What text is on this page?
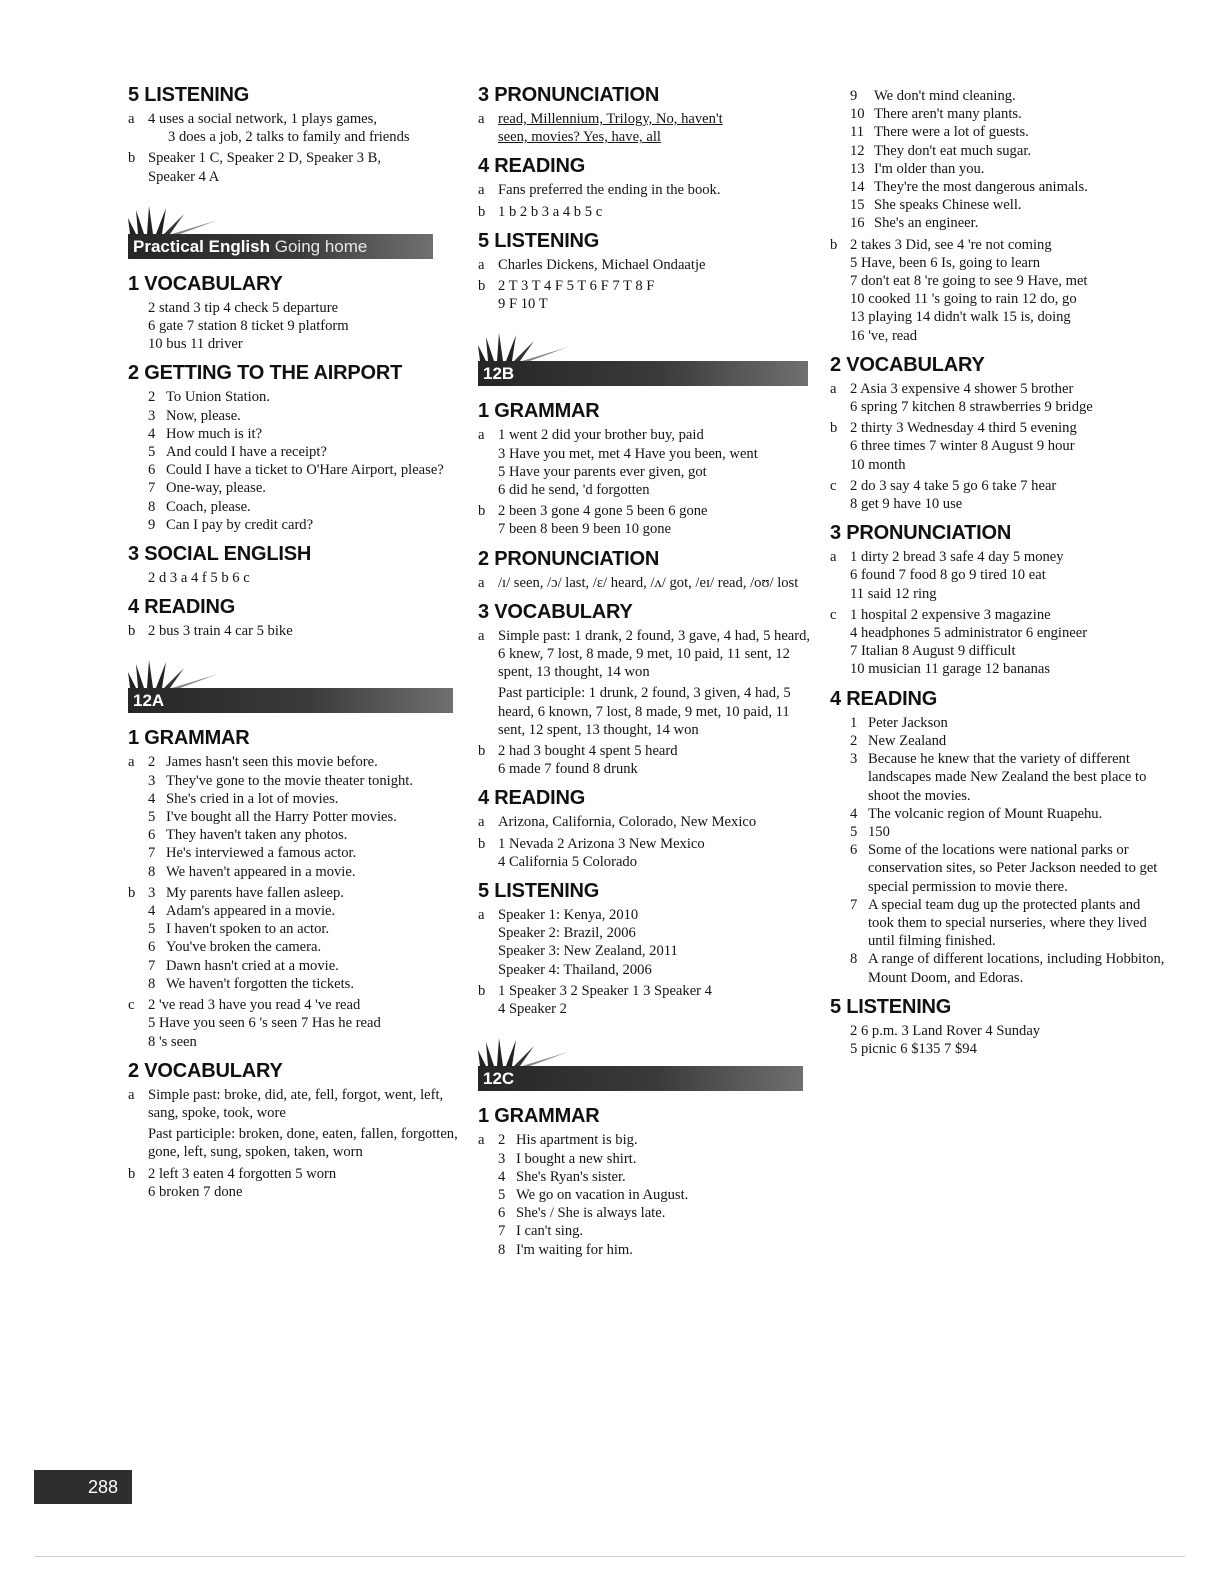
5 LISTENING
a 4 uses a social network, 1 plays games,
3 does a job, 2 talks to family and friends
b Speaker 1 C, Speaker 2 D, Speaker 3 B,
Speaker 4 A
Practical English Going home
1 VOCABULARY
2 stand 3 tip 4 check 5 departure
6 gate 7 station 8 ticket 9 platform
10 bus 11 driver
2 GETTING TO THE AIRPORT
2 To Union Station.
3 Now, please.
4 How much is it?
5 And could I have a receipt?
6 Could I have a ticket to O'Hare Airport, please?
7 One-way, please.
8 Coach, please.
9 Can I pay by credit card?
3 SOCIAL ENGLISH
2 d 3 a 4 f 5 b 6 c
4 READING
b 2 bus 3 train 4 car 5 bike
12A
1 GRAMMAR
a 2 James hasn't seen this movie before.
3 They've gone to the movie theater tonight.
4 She's cried in a lot of movies.
5 I've bought all the Harry Potter movies.
6 They haven't taken any photos.
7 He's interviewed a famous actor.
8 We haven't appeared in a movie.
b 3 My parents have fallen asleep.
4 Adam's appeared in a movie.
5 I haven't spoken to an actor.
6 You've broken the camera.
7 Dawn hasn't cried at a movie.
8 We haven't forgotten the tickets.
c 2 've read 3 have you read 4 've read
5 Have you seen 6 's seen 7 Has he read
8 's seen
2 VOCABULARY
a Simple past: broke, did, ate, fell, forgot, went, left, sang, spoke, took, wore
Past participle: broken, done, eaten, fallen, forgotten, gone, left, sung, spoken, taken, worn
b 2 left 3 eaten 4 forgotten 5 worn
6 broken 7 done
3 PRONUNCIATION
a read, Millennium, Trilogy, No, haven't
seen, movies? Yes, have, all
4 READING
a Fans preferred the ending in the book.
b 1 b 2 b 3 a 4 b 5 c
5 LISTENING
a Charles Dickens, Michael Ondaatje
b 2 T 3 T 4 F 5 T 6 F 7 T 8 F
9 F 10 T
12B
1 GRAMMAR
a 1 went 2 did your brother buy, paid
3 Have you met, met 4 Have you been, went
5 Have your parents ever given, got
6 did he send, 'd forgotten
b 2 been 3 gone 4 gone 5 been 6 gone
7 been 8 been 9 been 10 gone
2 PRONUNCIATION
a /ɪ/ seen, /ɔ/ last, /ɛ/ heard, /ʌ/ got, /eɪ/ read, /oʊ/ lost
3 VOCABULARY
a Simple past: 1 drank, 2 found, 3 gave, 4 had, 5 heard, 6 knew, 7 lost, 8 made, 9 met, 10 paid, 11 sent, 12 spent, 13 thought, 14 won
Past participle: 1 drunk, 2 found, 3 given, 4 had, 5 heard, 6 known, 7 lost, 8 made, 9 met, 10 paid, 11 sent, 12 spent, 13 thought, 14 won
b 2 had 3 bought 4 spent 5 heard
6 made 7 found 8 drunk
4 READING
a Arizona, California, Colorado, New Mexico
b 1 Nevada 2 Arizona 3 New Mexico
4 California 5 Colorado
5 LISTENING
a Speaker 1: Kenya, 2010
Speaker 2: Brazil, 2006
Speaker 3: New Zealand, 2011
Speaker 4: Thailand, 2006
b 1 Speaker 3 2 Speaker 1 3 Speaker 4
4 Speaker 2
12C
1 GRAMMAR
a 2 His apartment is big.
3 I bought a new shirt.
4 She's Ryan's sister.
5 We go on vacation in August.
6 She's / She is always late.
7 I can't sing.
8 I'm waiting for him.
9	We don't mind cleaning.
10 There aren't many plants.
11 There were a lot of guests.
12 They don't eat much sugar.
13 I'm older than you.
14 They're the most dangerous animals.
15 She speaks Chinese well.
16 She's an engineer.
b 2 takes 3 Did, see 4 're not coming
5 Have, been 6 Is, going to learn
7 don't eat 8 're going to see 9 Have, met
10 cooked 11 's going to rain 12 do, go
13 playing 14 didn't walk 15 is, doing
16 've, read
2 VOCABULARY
a 2 Asia 3 expensive 4 shower 5 brother
6 spring 7 kitchen 8 strawberries 9 bridge
b 2 thirty 3 Wednesday 4 third 5 evening
6 three times 7 winter 8 August 9 hour
10 month
c 2 do 3 say 4 take 5 go 6 take 7 hear
8 get 9 have 10 use
3 PRONUNCIATION
a 1 dirty 2 bread 3 safe 4 day 5 money
6 found 7 food 8 go 9 tired 10 eat
11 said 12 ring
c 1 hospital 2 expensive 3 magazine
4 headphones 5 administrator 6 engineer
7 Italian 8 August 9 difficult
10 musician 11 garage 12 bananas
4 READING
1 Peter Jackson
2 New Zealand
3 Because he knew that the variety of different landscapes made New Zealand the best place to shoot the movies.
4 The volcanic region of Mount Ruapehu.
5 150
6 Some of the locations were national parks or conservation sites, so Peter Jackson needed to get special permission to movie there.
7 A special team dug up the protected plants and took them to special nurseries, where they lived until filming finished.
8 A range of different locations, including Hobbiton, Mount Doom, and Edoras.
5 LISTENING
2 6 p.m. 3 Land Rover 4 Sunday
5 picnic 6 $135 7 $94
288
